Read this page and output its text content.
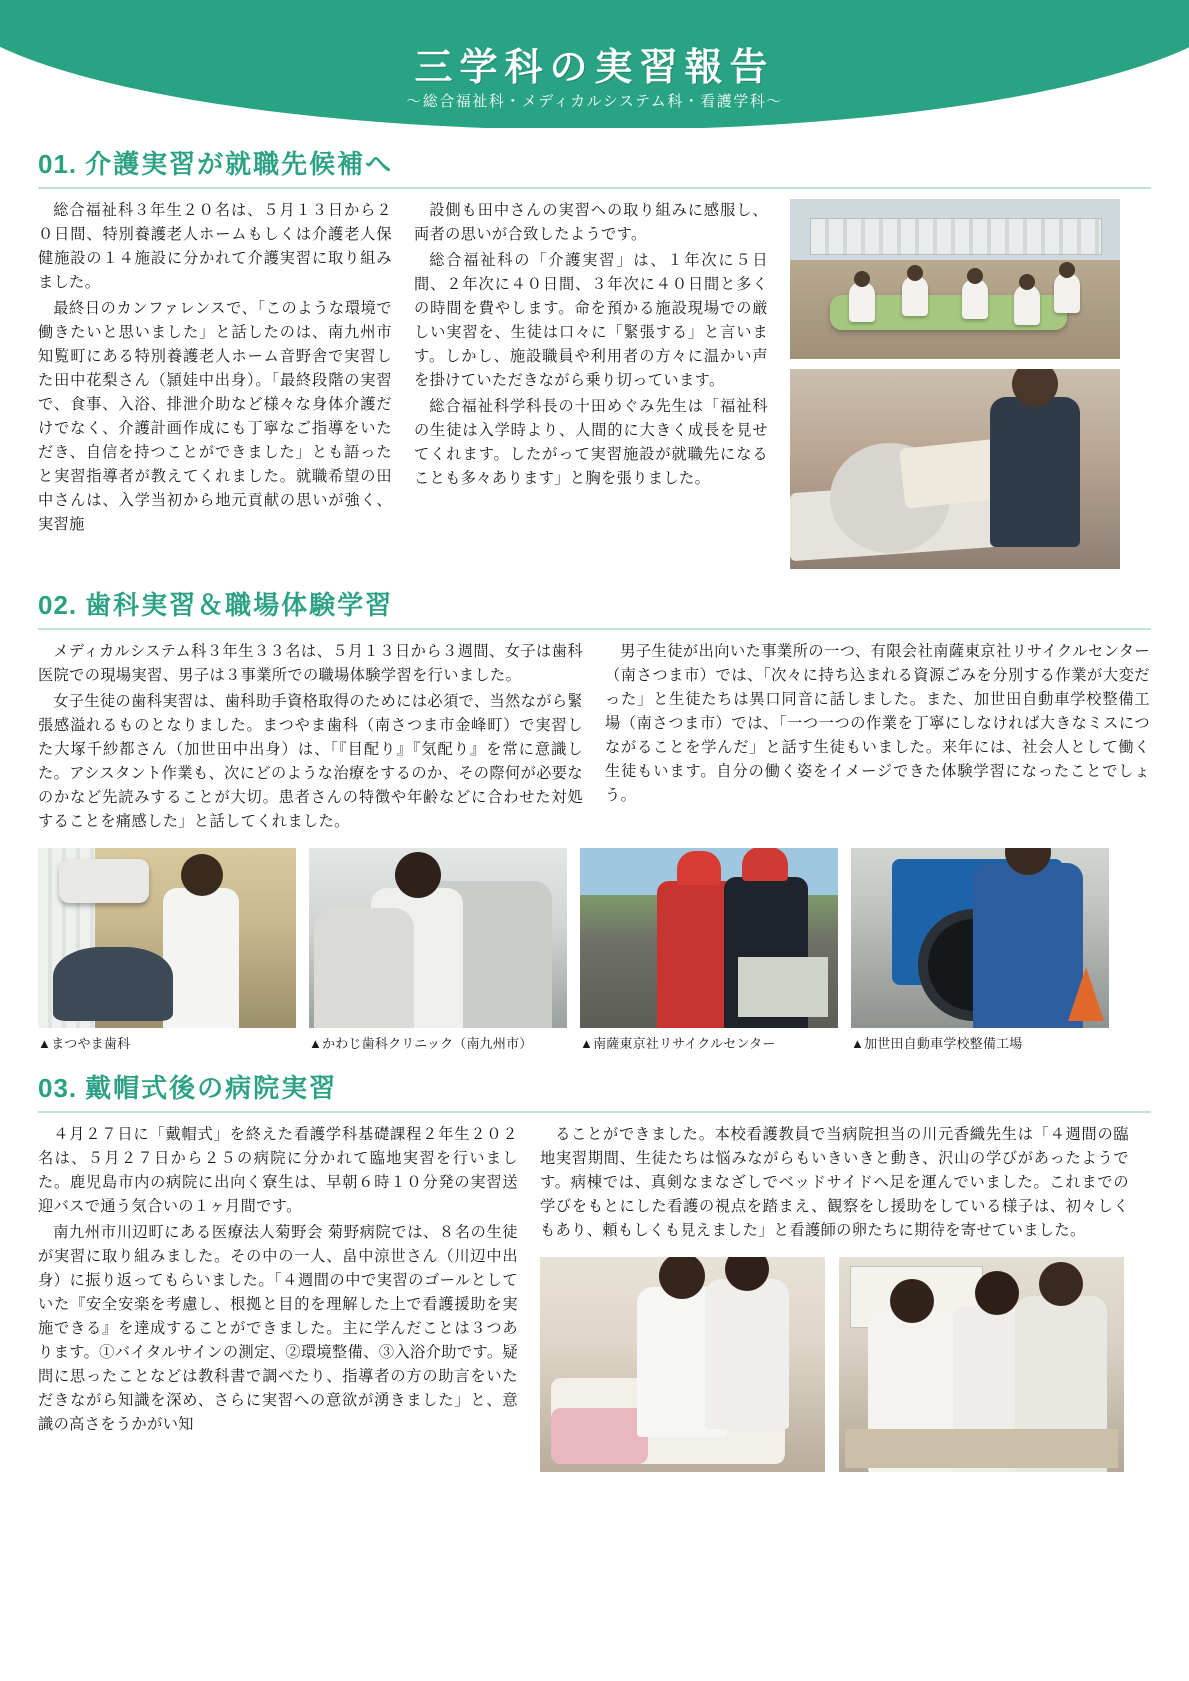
三学科の実習報告
〜総合福祉科・メディカルシステム科・看護学科〜
01. 介護実習が就職先候補へ

総合福祉科３年生２０名は、５月１３日から２０日間、特別養護老人ホームもしくは介護老人保健施設の１４施設に分かれて介護実習に取り組みました。

最終日のカンファレンスで、「このような環境で働きたいと思いました」と話したのは、南九州市知覧町にある特別養護老人ホーム音野舎で実習した田中花梨さん（頴娃中出身）。「最終段階の実習で、食事、入浴、排泄介助など様々な身体介護だけでなく、介護計画作成にも丁寧なご指導をいただき、自信を持つことができました」とも語ったと実習指導者が教えてくれました。就職希望の田中さんは、入学当初から地元貢献の思いが強く、実習施

設側も田中さんの実習への取り組みに感服し、両者の思いが合致したようです。

総合福祉科の「介護実習」は、１年次に５日間、２年次に４０日間、３年次に４０日間と多くの時間を費やします。命を預かる施設現場での厳しい実習を、生徒は口々に「緊張する」と言います。しかし、施設職員や利用者の方々に温かい声を掛けていただきながら乗り切っています。

総合福祉科学科長の十田めぐみ先生は「福祉科の生徒は入学時より、人間的に大きく成長を見せてくれます。したがって実習施設が就職先になることも多々あります」と胸を張りました。

02. 歯科実習＆職場体験学習

メディカルシステム科３年生３３名は、５月１３日から３週間、女子は歯科医院での現場実習、男子は３事業所での職場体験学習を行いました。

女子生徒の歯科実習は、歯科助手資格取得のためには必須で、当然ながら緊張感溢れるものとなりました。まつやま歯科（南さつま市金峰町）で実習した大塚千紗都さん（加世田中出身）は、「『目配り』『気配り』を常に意識した。アシスタント作業も、次にどのような治療をするのか、その際何が必要なのかなど先読みすることが大切。患者さんの特徴や年齢などに合わせた対処することを痛感した」と話してくれました。

男子生徒が出向いた事業所の一つ、有限会社南薩東京社リサイクルセンター（南さつま市）では、「次々に持ち込まれる資源ごみを分別する作業が大変だった」と生徒たちは異口同音に話しました。また、加世田自動車学校整備工場（南さつま市）では、「一つ一つの作業を丁寧にしなければ大きなミスにつながることを学んだ」と話す生徒もいました。来年には、社会人として働く生徒もいます。自分の働く姿をイメージできた体験学習になったことでしょう。

▲まつやま歯科	▲かわじ歯科クリニック（南九州市）	▲南薩東京社リサイクルセンター	▲加世田自動車学校整備工場
03. 戴帽式後の病院実習

４月２７日に「戴帽式」を終えた看護学科基礎課程２年生２０２名は、５月２７日から２５の病院に分かれて臨地実習を行いました。鹿児島市内の病院に出向く寮生は、早朝６時１０分発の実習送迎バスで通う気合いの１ヶ月間です。

南九州市川辺町にある医療法人菊野会 菊野病院では、８名の生徒が実習に取り組みました。その中の一人、畠中涼世さん（川辺中出身）に振り返ってもらいました。「４週間の中で実習のゴールとしていた『安全安楽を考慮し、根拠と目的を理解した上で看護援助を実施できる』を達成することができました。主に学んだことは３つあります。①バイタルサインの測定、②環境整備、③入浴介助です。疑問に思ったことなどは教科書で調べたり、指導者の方の助言をいただきながら知識を深め、さらに実習への意欲が湧きました」と、意識の高さをうかがい知

ることができました。本校看護教員で当病院担当の川元香織先生は「４週間の臨地実習期間、生徒たちは悩みながらもいきいきと動き、沢山の学びがあったようです。病棟では、真剣なまなざしでベッドサイドへ足を運んでいました。これまでの学びをもとにした看護の視点を踏まえ、観察をし援助をしている様子は、初々しくもあり、頼もしくも見えました」と看護師の卵たちに期待を寄せていました。
